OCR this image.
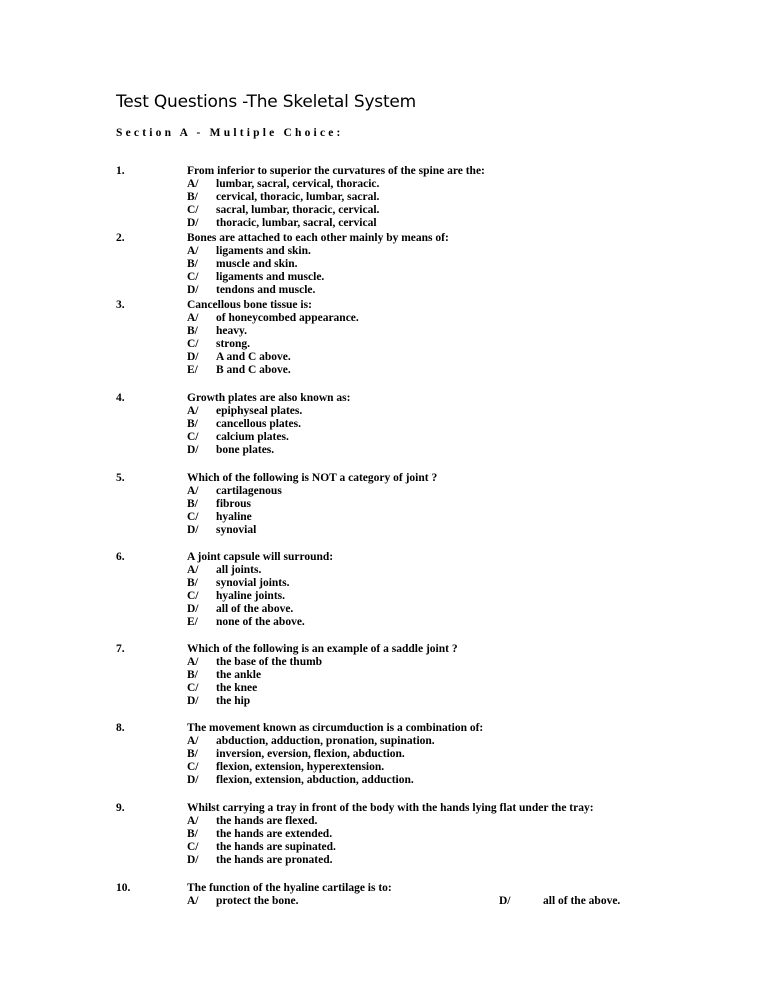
Test Questions -The Skeletal System
Section A - Multiple Choice:
1.	From inferior to superior the curvatures of the spine are the:
A/ lumbar, sacral, cervical, thoracic.
B/ cervical, thoracic, lumbar, sacral.
C/ sacral, lumbar, thoracic, cervical.
D/ thoracic, lumbar, sacral, cervical
2.	Bones are attached to each other mainly by means of:
A/ ligaments and skin.
B/ muscle and skin.
C/ ligaments and muscle.
D/ tendons and muscle.
3.	Cancellous bone tissue is:
A/ of honeycombed appearance.
B/ heavy.
C/ strong.
D/ A and C above.
E/ B and C above.
4.	Growth plates are also known as:
A/ epiphyseal plates.
B/ cancellous plates.
C/ calcium plates.
D/ bone plates.
5.	Which of the following is NOT a category of joint ?
A/ cartilagenous
B/ fibrous
C/ hyaline
D/ synovial
6.	A joint capsule will surround:
A/ all joints.
B/ synovial joints.
C/ hyaline joints.
D/ all of the above.
E/ none of the above.
7.	Which of the following is an example of a saddle joint ?
A/ the base of the thumb
B/ the ankle
C/ the knee
D/ the hip
8.	The movement known as circumduction is a combination of:
A/ abduction, adduction, pronation, supination.
B/ inversion, eversion, flexion, abduction.
C/ flexion, extension, hyperextension.
D/ flexion, extension, abduction, adduction.
9.	Whilst carrying a tray in front of the body with the hands lying flat under the tray:
A/ the hands are flexed.
B/ the hands are extended.
C/ the hands are supinated.
D/ the hands are pronated.
10.	The function of the hyaline cartilage is to:
A/ protect the bone.	D/	all of the above.
